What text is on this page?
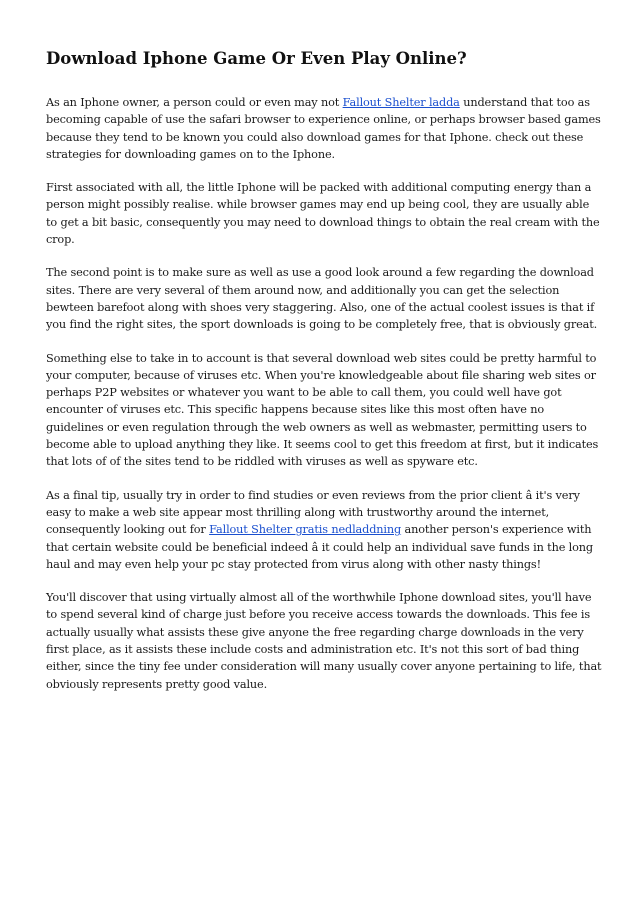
Download Iphone Game Or Even Play Online?

As an Iphone owner, a person could or even may not Fallout Shelter ladda understand that too as becoming capable of use the safari browser to experience online, or perhaps browser based games because they tend to be known you could also download games for that Iphone. check out these strategies for downloading games on to the Iphone.

First associated with all, the little Iphone will be packed with additional computing energy than a person might possibly realise. while browser games may end up being cool, they are usually able to get a bit basic, consequently you may need to download things to obtain the real cream with the crop.

The second point is to make sure as well as use a good look around a few regarding the download sites. There are very several of them around now, and additionally you can get the selection bewteen barefoot along with shoes very staggering. Also, one of the actual coolest issues is that if you find the right sites, the sport downloads is going to be completely free, that is obviously great.

Something else to take in to account is that several download web sites could be pretty harmful to your computer, because of viruses etc. When you're knowledgeable about file sharing web sites or perhaps P2P websites or whatever you want to be able to call them, you could well have got encounter of viruses etc. This specific happens because sites like this most often have no guidelines or even regulation through the web owners as well as webmaster, permitting users to become able to upload anything they like. It seems cool to get this freedom at first, but it indicates that lots of of the sites tend to be riddled with viruses as well as spyware etc.

As a final tip, usually try in order to find studies or even reviews from the prior client â it's very easy to make a web site appear most thrilling along with trustworthy around the internet, consequently looking out for Fallout Shelter gratis nedladdning another person's experience with that certain website could be beneficial indeed â it could help an individual save funds in the long haul and may even help your pc stay protected from virus along with other nasty things!

You'll discover that using virtually almost all of the worthwhile Iphone download sites, you'll have to spend several kind of charge just before you receive access towards the downloads. This fee is actually usually what assists these give anyone the free regarding charge downloads in the very first place, as it assists these include costs and administration etc. It's not this sort of bad thing either, since the tiny fee under consideration will many usually cover anyone pertaining to life, that obviously represents pretty good value.
